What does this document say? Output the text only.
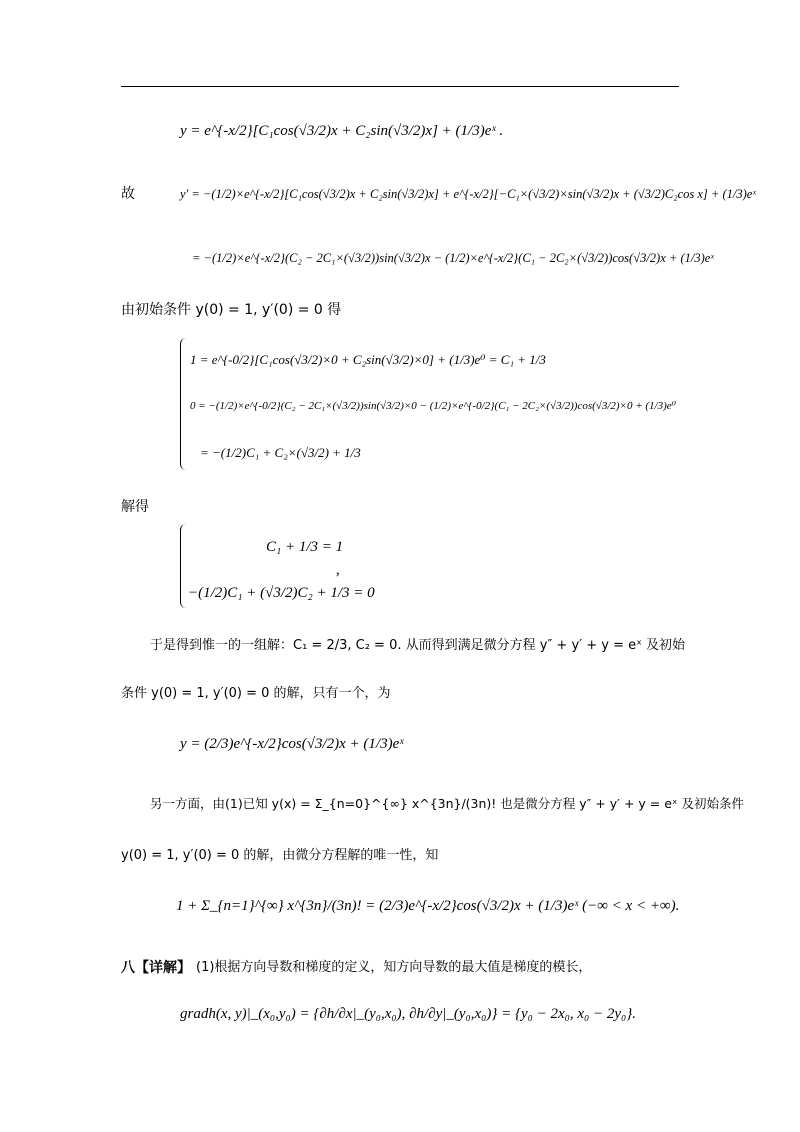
y = e^{-x/2}[C₁cos(√3/2)x + C₂sin(√3/2)x] + (1/3)eˣ .
故	y′ = −(1/2)×e^{-x/2}[C₁cos(√3/2)x + C₂sin(√3/2)x] + e^{-x/2}[−C₁×(√3/2)×sin(√3/2)x + (√3/2)C₂cos x] + (1/3)eˣ
= −(1/2)×e^{-x/2}(C₂ − 2C₁×(√3/2))sin(√3/2)x − (1/2)×e^{-x/2}(C₁ − 2C₂×(√3/2))cos(√3/2)x + (1/3)eˣ
由初始条件 y(0) = 1, y′(0) = 0 得
1 = e^{-0/2}[C₁cos(√3/2)×0 + C₂sin(√3/2)×0] + (1/3)e⁰ = C₁ + 1/3
0 = −(1/2)×e^{-0/2}(C₂ − 2C₁×(√3/2))sin(√3/2)×0 − (1/2)×e^{-0/2}(C₁ − 2C₂×(√3/2))cos(√3/2)×0 + (1/3)e⁰
= −(1/2)C₁ + C₂×(√3/2) + 1/3
解得
C₁ + 1/3 = 1
−(1/2)C₁ + (√3/2)C₂ + 1/3 = 0
,
于是得到惟一的一组解：C₁ = 2/3, C₂ = 0. 从而得到满足微分方程 y″ + y′ + y = eˣ 及初始
条件 y(0) = 1, y′(0) = 0 的解，只有一个，为
y = (2/3)e^{-x/2}cos(√3/2)x + (1/3)eˣ
另一方面，由(1)已知 y(x) = Σ_{n=0}^{∞} x^{3n}/(3n)! 也是微分方程 y″ + y′ + y = eˣ 及初始条件
y(0) = 1, y′(0) = 0 的解，由微分方程解的唯一性，知
1 + Σ_{n=1}^{∞} x^{3n}/(3n)! = (2/3)e^{-x/2}cos(√3/2)x + (1/3)eˣ (−∞ < x < +∞).
八【详解】 (1)根据方向导数和梯度的定义，知方向导数的最大值是梯度的模长，
gradh(x, y)|_(x₀,y₀) = {∂h/∂x|_(y₀,x₀), ∂h/∂y|_(y₀,x₀)} = {y₀ − 2x₀, x₀ − 2y₀}.
